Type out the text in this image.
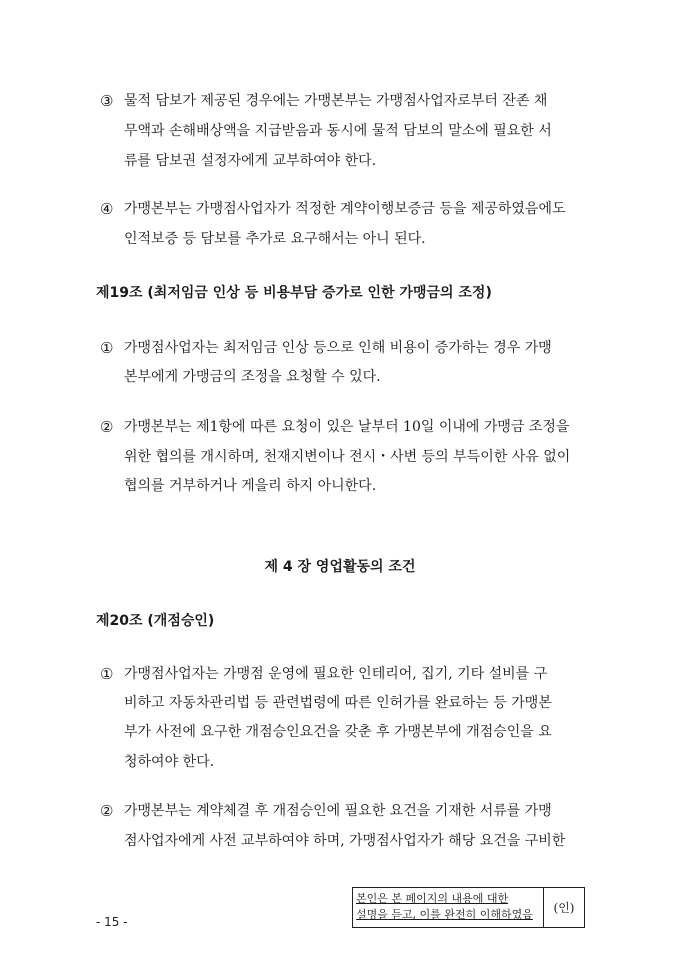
③ 물적 담보가 제공된 경우에는 가맹본부는 가맹점사업자로부터 잔존 채
무액과 손해배상액을 지급받음과 동시에 물적 담보의 말소에 필요한 서
류를 담보권 설정자에게 교부하여야 한다.
④ 가맹본부는 가맹점사업자가 적정한 계약이행보증금 등을 제공하였음에도
인적보증 등 담보를 추가로 요구해서는 아니 된다.
제19조 (최저임금 인상 등 비용부담 증가로 인한 가맹금의 조정)
① 가맹점사업자는 최저임금 인상 등으로 인해 비용이 증가하는 경우 가맹
본부에게 가맹금의 조정을 요청할 수 있다.
② 가맹본부는 제1항에 따른 요청이 있은 날부터 10일 이내에 가맹금 조정을
위한 협의를 개시하며, 천재지변이나 전시・사변 등의 부득이한 사유 없이
협의를 거부하거나 게을리 하지 아니한다.
제 4 장 영업활동의 조건
제20조 (개점승인)
① 가맹점사업자는 가맹점 운영에 필요한 인테리어, 집기, 기타 설비를 구
비하고 자동차관리법 등 관련법령에 따른 인허가를 완료하는 등 가맹본
부가 사전에 요구한 개점승인요건을 갖춘 후 가맹본부에 개점승인을 요
청하여야 한다.
② 가맹본부는 계약체결 후 개점승인에 필요한 요건을 기재한 서류를 가맹
점사업자에게 사전 교부하여야 하며, 가맹점사업자가 해당 요건을 구비한
- 15 -
본인은 본 페이지의 내용에 대한
설명을 듣고, 이를 완전히 이해하였음	(인)
